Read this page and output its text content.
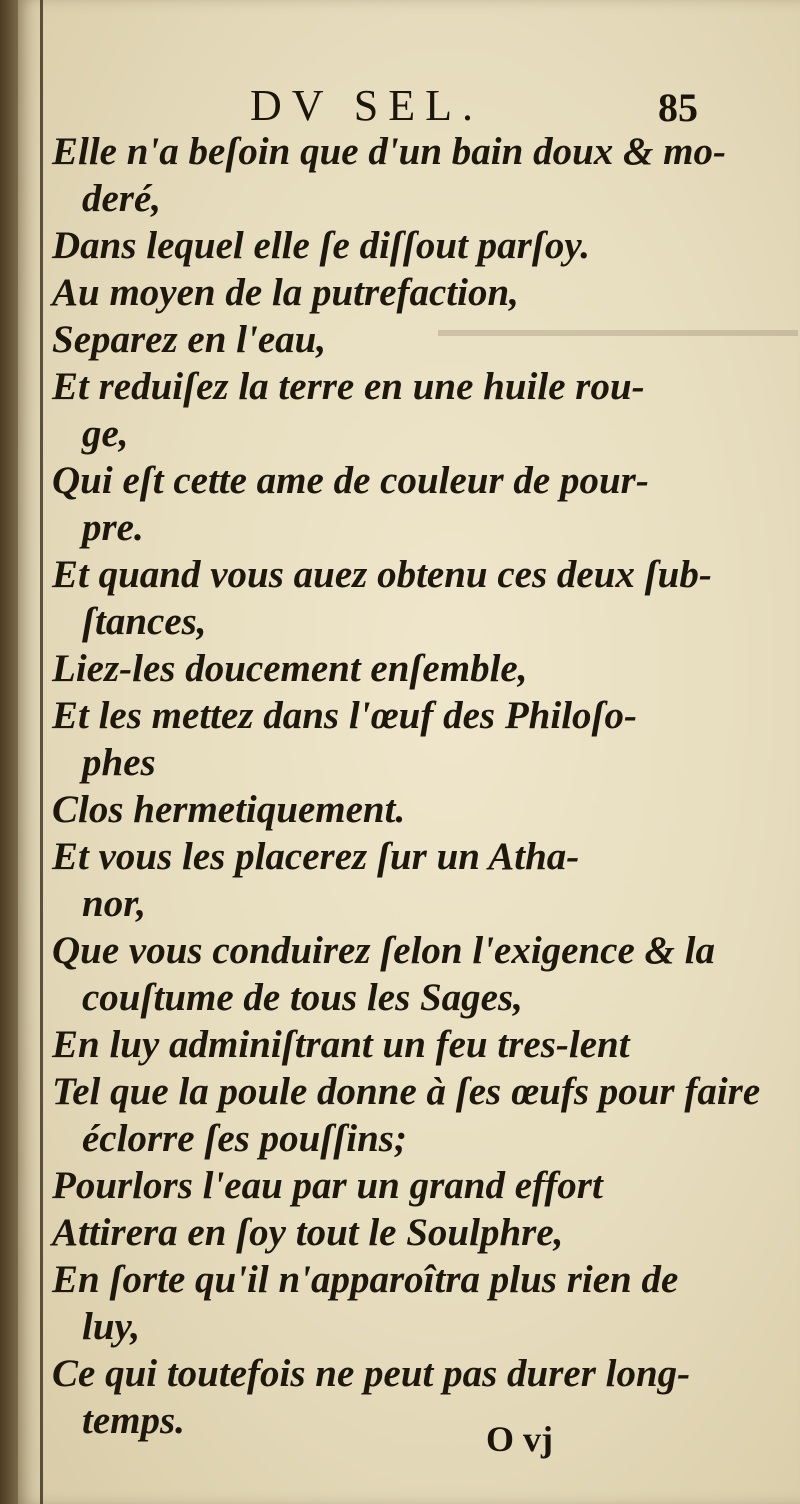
DV SEL.	85
Elle n'a beſoin que d'un bain doux & mo-
deré,
Dans lequel elle ſe diſſout parſoy.
Au moyen de la putrefaction,
Separez en l'eau,
Et reduiſez la terre en une huile rou-
ge,
Qui eſt cette ame de couleur de pour-
pre.
Et quand vous auez obtenu ces deux ſub-
ſtances,
Liez-les doucement enſemble,
Et les mettez dans l'œuf des Philoſo-
phes
Clos hermetiquement.
Et vous les placerez ſur un Atha-
nor,
Que vous conduirez ſelon l'exigence & la
couſtume de tous les Sages,
En luy adminiſtrant un feu tres-lent
Tel que la poule donne à ſes œufs pour faire
éclorre ſes pouſſins;
Pourlors l'eau par un grand effort
Attirera en ſoy tout le Soulphre,
En ſorte qu'il n'apparoîtra plus rien de
luy,
Ce qui toutefois ne peut pas durer long-
temps.	O vj
